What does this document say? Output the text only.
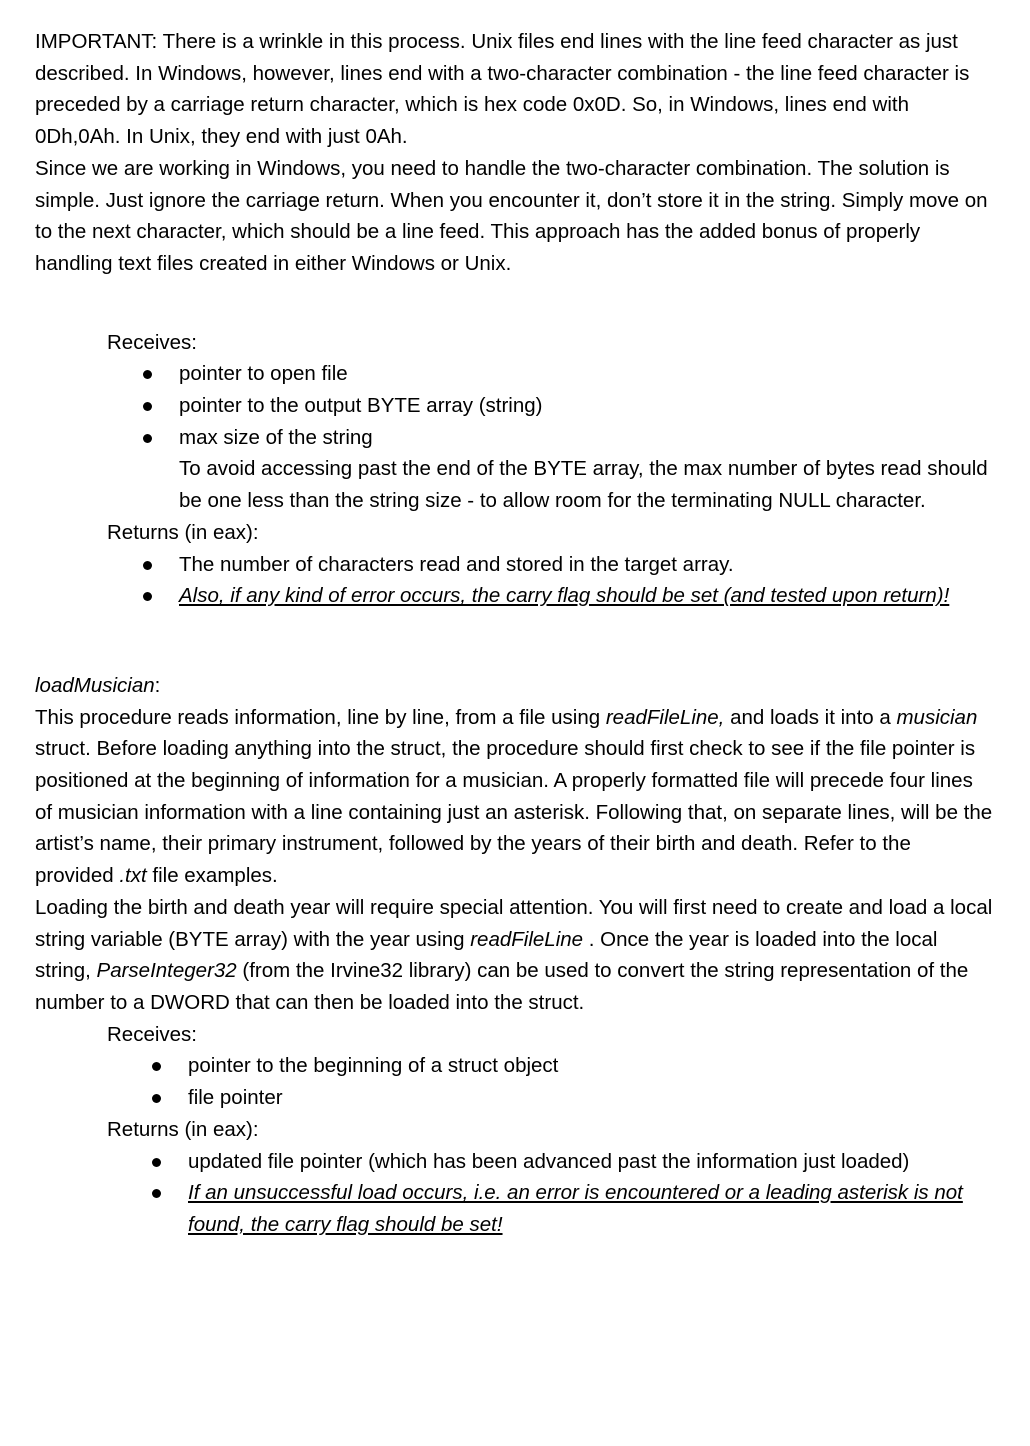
IMPORTANT: There is a wrinkle in this process. Unix files end lines with the line feed character as just described. In Windows, however, lines end with a two-character combination - the line feed character is preceded by a carriage return character, which is hex code 0x0D. So, in Windows, lines end with 0Dh,0Ah. In Unix, they end with just 0Ah.

Since we are working in Windows, you need to handle the two-character combination. The solution is simple. Just ignore the carriage return. When you encounter it, don’t store it in the string. Simply move on to the next character, which should be a line feed. This approach has the added bonus of properly handling text files created in either Windows or Unix.

Receives:

pointer to open file
pointer to the output BYTE array (string)
max size of the string

To avoid accessing past the end of the BYTE array, the max number of bytes read should be one less than the string size - to allow room for the terminating NULL character.

Returns (in eax):

The number of characters read and stored in the target array.
Also, if any kind of error occurs, the carry flag should be set (and tested upon return)!

loadMusician:

This procedure reads information, line by line, from a file using readFileLine, and loads it into a musician struct. Before loading anything into the struct, the procedure should first check to see if the file pointer is positioned at the beginning of information for a musician. A properly formatted file will precede four lines of musician information with a line containing just an asterisk. Following that, on separate lines, will be the artist’s name, their primary instrument, followed by the years of their birth and death. Refer to the provided .txt file examples.

Loading the birth and death year will require special attention. You will first need to create and load a local string variable (BYTE array) with the year using readFileLine . Once the year is loaded into the local string, ParseInteger32 (from the Irvine32 library) can be used to convert the string representation of the number to a DWORD that can then be loaded into the struct.

Receives:

pointer to the beginning of a struct object
file pointer

Returns (in eax):

updated file pointer (which has been advanced past the information just loaded)
If an unsuccessful load occurs, i.e. an error is encountered or a leading asterisk is not found, the carry flag should be set!
